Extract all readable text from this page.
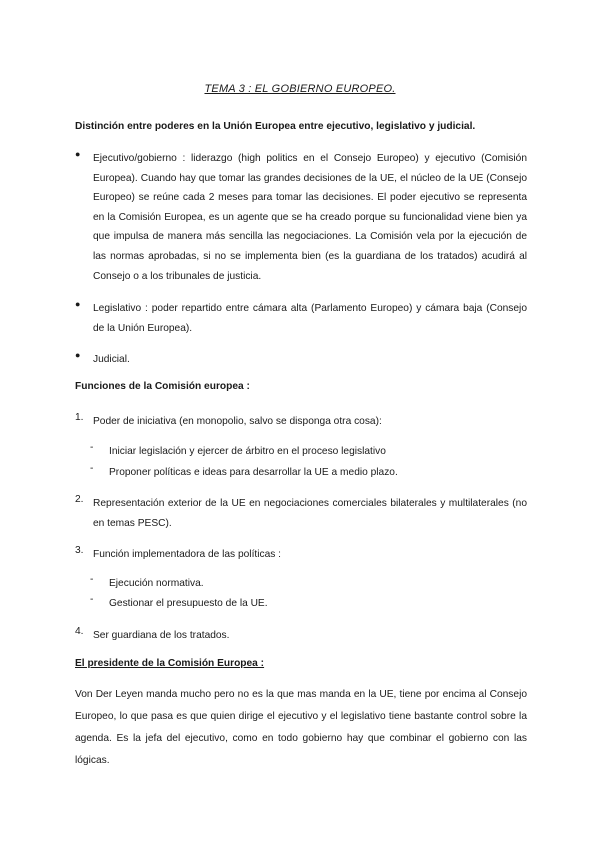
TEMA 3 : EL GOBIERNO EUROPEO.
Distinción entre poderes en la Unión Europea entre ejecutivo, legislativo y judicial.
● Ejecutivo/gobierno : liderazgo (high politics en el Consejo Europeo) y ejecutivo (Comisión Europea). Cuando hay que tomar las grandes decisiones de la UE, el núcleo de la UE (Consejo Europeo) se reúne cada 2 meses para tomar las decisiones. El poder ejecutivo se representa en la Comisión Europea, es un agente que se ha creado porque su funcionalidad viene bien ya que impulsa de manera más sencilla las negociaciones. La Comisión vela por la ejecución de las normas aprobadas, si no se implementa bien (es la guardiana de los tratados) acudirá al Consejo o a los tribunales de justicia.
● Legislativo : poder repartido entre cámara alta (Parlamento Europeo) y cámara baja (Consejo de la Unión Europea).
● Judicial.
Funciones de la Comisión europea :
1. Poder de iniciativa (en monopolio, salvo se disponga otra cosa):
- Iniciar legislación y ejercer de árbitro en el proceso legislativo
- Proponer políticas e ideas para desarrollar la UE a medio plazo.
2. Representación exterior de la UE en negociaciones comerciales bilaterales y multilaterales (no en temas PESC).
3. Función implementadora de las políticas :
- Ejecución normativa.
- Gestionar el presupuesto de la UE.
4. Ser guardiana de los tratados.
El presidente de la Comisión Europea :
Von Der Leyen manda mucho pero no es la que mas manda en la UE, tiene por encima al Consejo Europeo, lo que pasa es que quien dirige el ejecutivo y el legislativo tiene bastante control sobre la agenda. Es la jefa del ejecutivo, como en todo gobierno hay que combinar el gobierno con las lógicas.
